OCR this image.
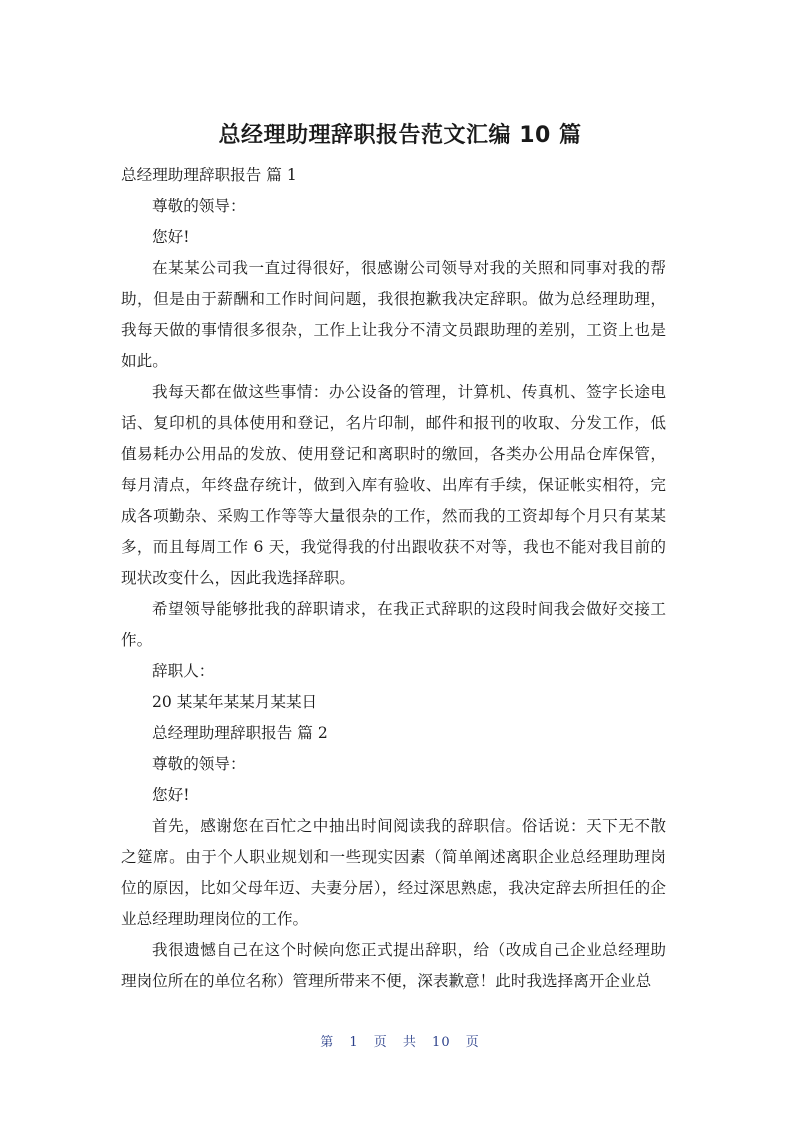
总经理助理辞职报告范文汇编 10 篇

总经理助理辞职报告 篇 1

尊敬的领导：

您好!

在某某公司我一直过得很好，很感谢公司领导对我的关照和同事对我的帮助，但是由于薪酬和工作时间问题，我很抱歉我决定辞职。做为总经理助理，我每天做的事情很多很杂，工作上让我分不清文员跟助理的差别，工资上也是如此。

我每天都在做这些事情：办公设备的管理，计算机、传真机、签字长途电话、复印机的具体使用和登记，名片印制，邮件和报刊的收取、分发工作，低值易耗办公用品的发放、使用登记和离职时的缴回，各类办公用品仓库保管，每月清点，年终盘存统计，做到入库有验收、出库有手续，保证帐实相符，完成各项勤杂、采购工作等等大量很杂的工作，然而我的工资却每个月只有某某多，而且每周工作 6 天，我觉得我的付出跟收获不对等，我也不能对我目前的现状改变什么，因此我选择辞职。

希望领导能够批我的辞职请求，在我正式辞职的这段时间我会做好交接工作。

辞职人：

20 某某年某某月某某日

总经理助理辞职报告 篇 2

尊敬的领导：

您好!

首先，感谢您在百忙之中抽出时间阅读我的辞职信。俗话说：天下无不散之筵席。由于个人职业规划和一些现实因素（简单阐述离职企业总经理助理岗位的原因，比如父母年迈、夫妻分居），经过深思熟虑，我决定辞去所担任的企业总经理助理岗位的工作。

我很遗憾自己在这个时候向您正式提出辞职，给（改成自己企业总经理助理岗位所在的单位名称）管理所带来不便，深表歉意！此时我选择离开企业总

第 1 页 共 10 页
